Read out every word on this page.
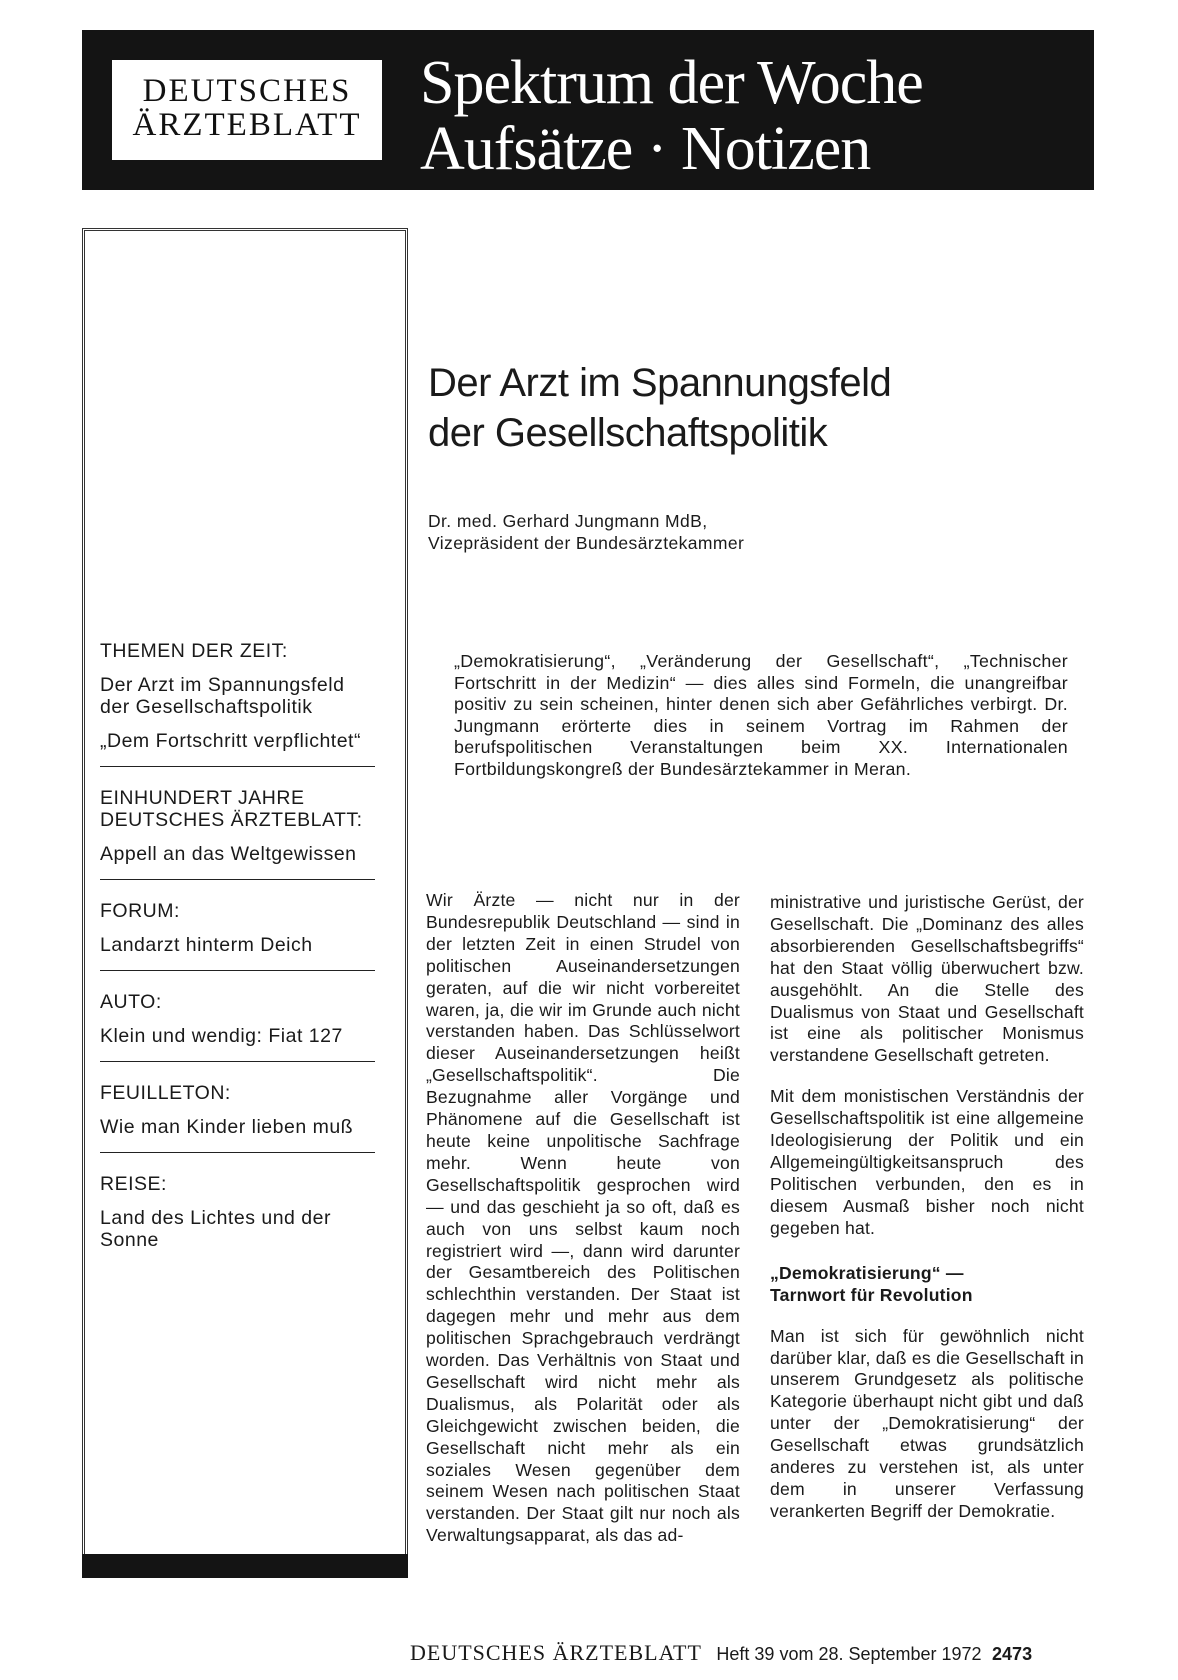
DEUTSCHES
ÄRZTEBLATT
Spektrum der Woche
Aufsätze · Notizen
THEMEN DER ZEIT:
Der Arzt im Spannungsfeld der Gesellschaftspolitik
„Dem Fortschritt verpflichtet“
EINHUNDERT JAHRE DEUTSCHES ÄRZTEBLATT:
Appell an das Weltgewissen
FORUM:
Landarzt hinterm Deich
AUTO:
Klein und wendig: Fiat 127
FEUILLETON:
Wie man Kinder lieben muß
REISE:
Land des Lichtes und der Sonne
Der Arzt im Spannungsfeld
der Gesellschaftspolitik
Dr. med. Gerhard Jungmann MdB,
Vizepräsident der Bundesärztekammer
„Demokratisierung“, „Veränderung der Gesellschaft“, „Technischer Fortschritt in der Medizin“ — dies alles sind Formeln, die unangreifbar positiv zu sein scheinen, hinter denen sich aber Gefährliches verbirgt. Dr. Jungmann erörterte dies in seinem Vortrag im Rahmen der berufspolitischen Veranstaltungen beim XX. Internationalen Fortbildungskongreß der Bundesärztekammer in Meran.

Wir Ärzte — nicht nur in der Bundesrepublik Deutschland — sind in der letzten Zeit in einen Strudel von politischen Auseinandersetzungen geraten, auf die wir nicht vorbereitet waren, ja, die wir im Grunde auch nicht verstanden haben. Das Schlüsselwort dieser Auseinandersetzungen heißt „Gesellschaftspolitik“. Die Bezugnahme aller Vorgänge und Phänomene auf die Gesellschaft ist heute keine unpolitische Sachfrage mehr. Wenn heute von Gesellschaftspolitik gesprochen wird — und das geschieht ja so oft, daß es auch von uns selbst kaum noch registriert wird —, dann wird darunter der Gesamtbereich des Politischen schlechthin verstanden. Der Staat ist dagegen mehr und mehr aus dem politischen Sprachgebrauch verdrängt worden. Das Verhältnis von Staat und Gesellschaft wird nicht mehr als Dualismus, als Polarität oder als Gleichgewicht zwischen beiden, die Gesellschaft nicht mehr als ein soziales Wesen gegenüber dem seinem Wesen nach politischen Staat verstanden. Der Staat gilt nur noch als Verwaltungsapparat, als das ad-

ministrative und juristische Gerüst, der Gesellschaft. Die „Dominanz des alles absorbierenden Gesellschaftsbegriffs“ hat den Staat völlig überwuchert bzw. ausgehöhlt. An die Stelle des Dualismus von Staat und Gesellschaft ist eine als politischer Monismus verstandene Gesellschaft getreten.

Mit dem monistischen Verständnis der Gesellschaftspolitik ist eine allgemeine Ideologisierung der Politik und ein Allgemeingültigkeitsanspruch des Politischen verbunden, den es in diesem Ausmaß bisher noch nicht gegeben hat.

„Demokratisierung“ —
Tarnwort für Revolution

Man ist sich für gewöhnlich nicht darüber klar, daß es die Gesellschaft in unserem Grundgesetz als politische Kategorie überhaupt nicht gibt und daß unter der „Demokratisierung“ der Gesellschaft etwas grundsätzlich anderes zu verstehen ist, als unter dem in unserer Verfassung verankerten Begriff der Demokratie.

DEUTSCHES ÄRZTEBLATT Heft 39 vom 28. September 1972 2473
